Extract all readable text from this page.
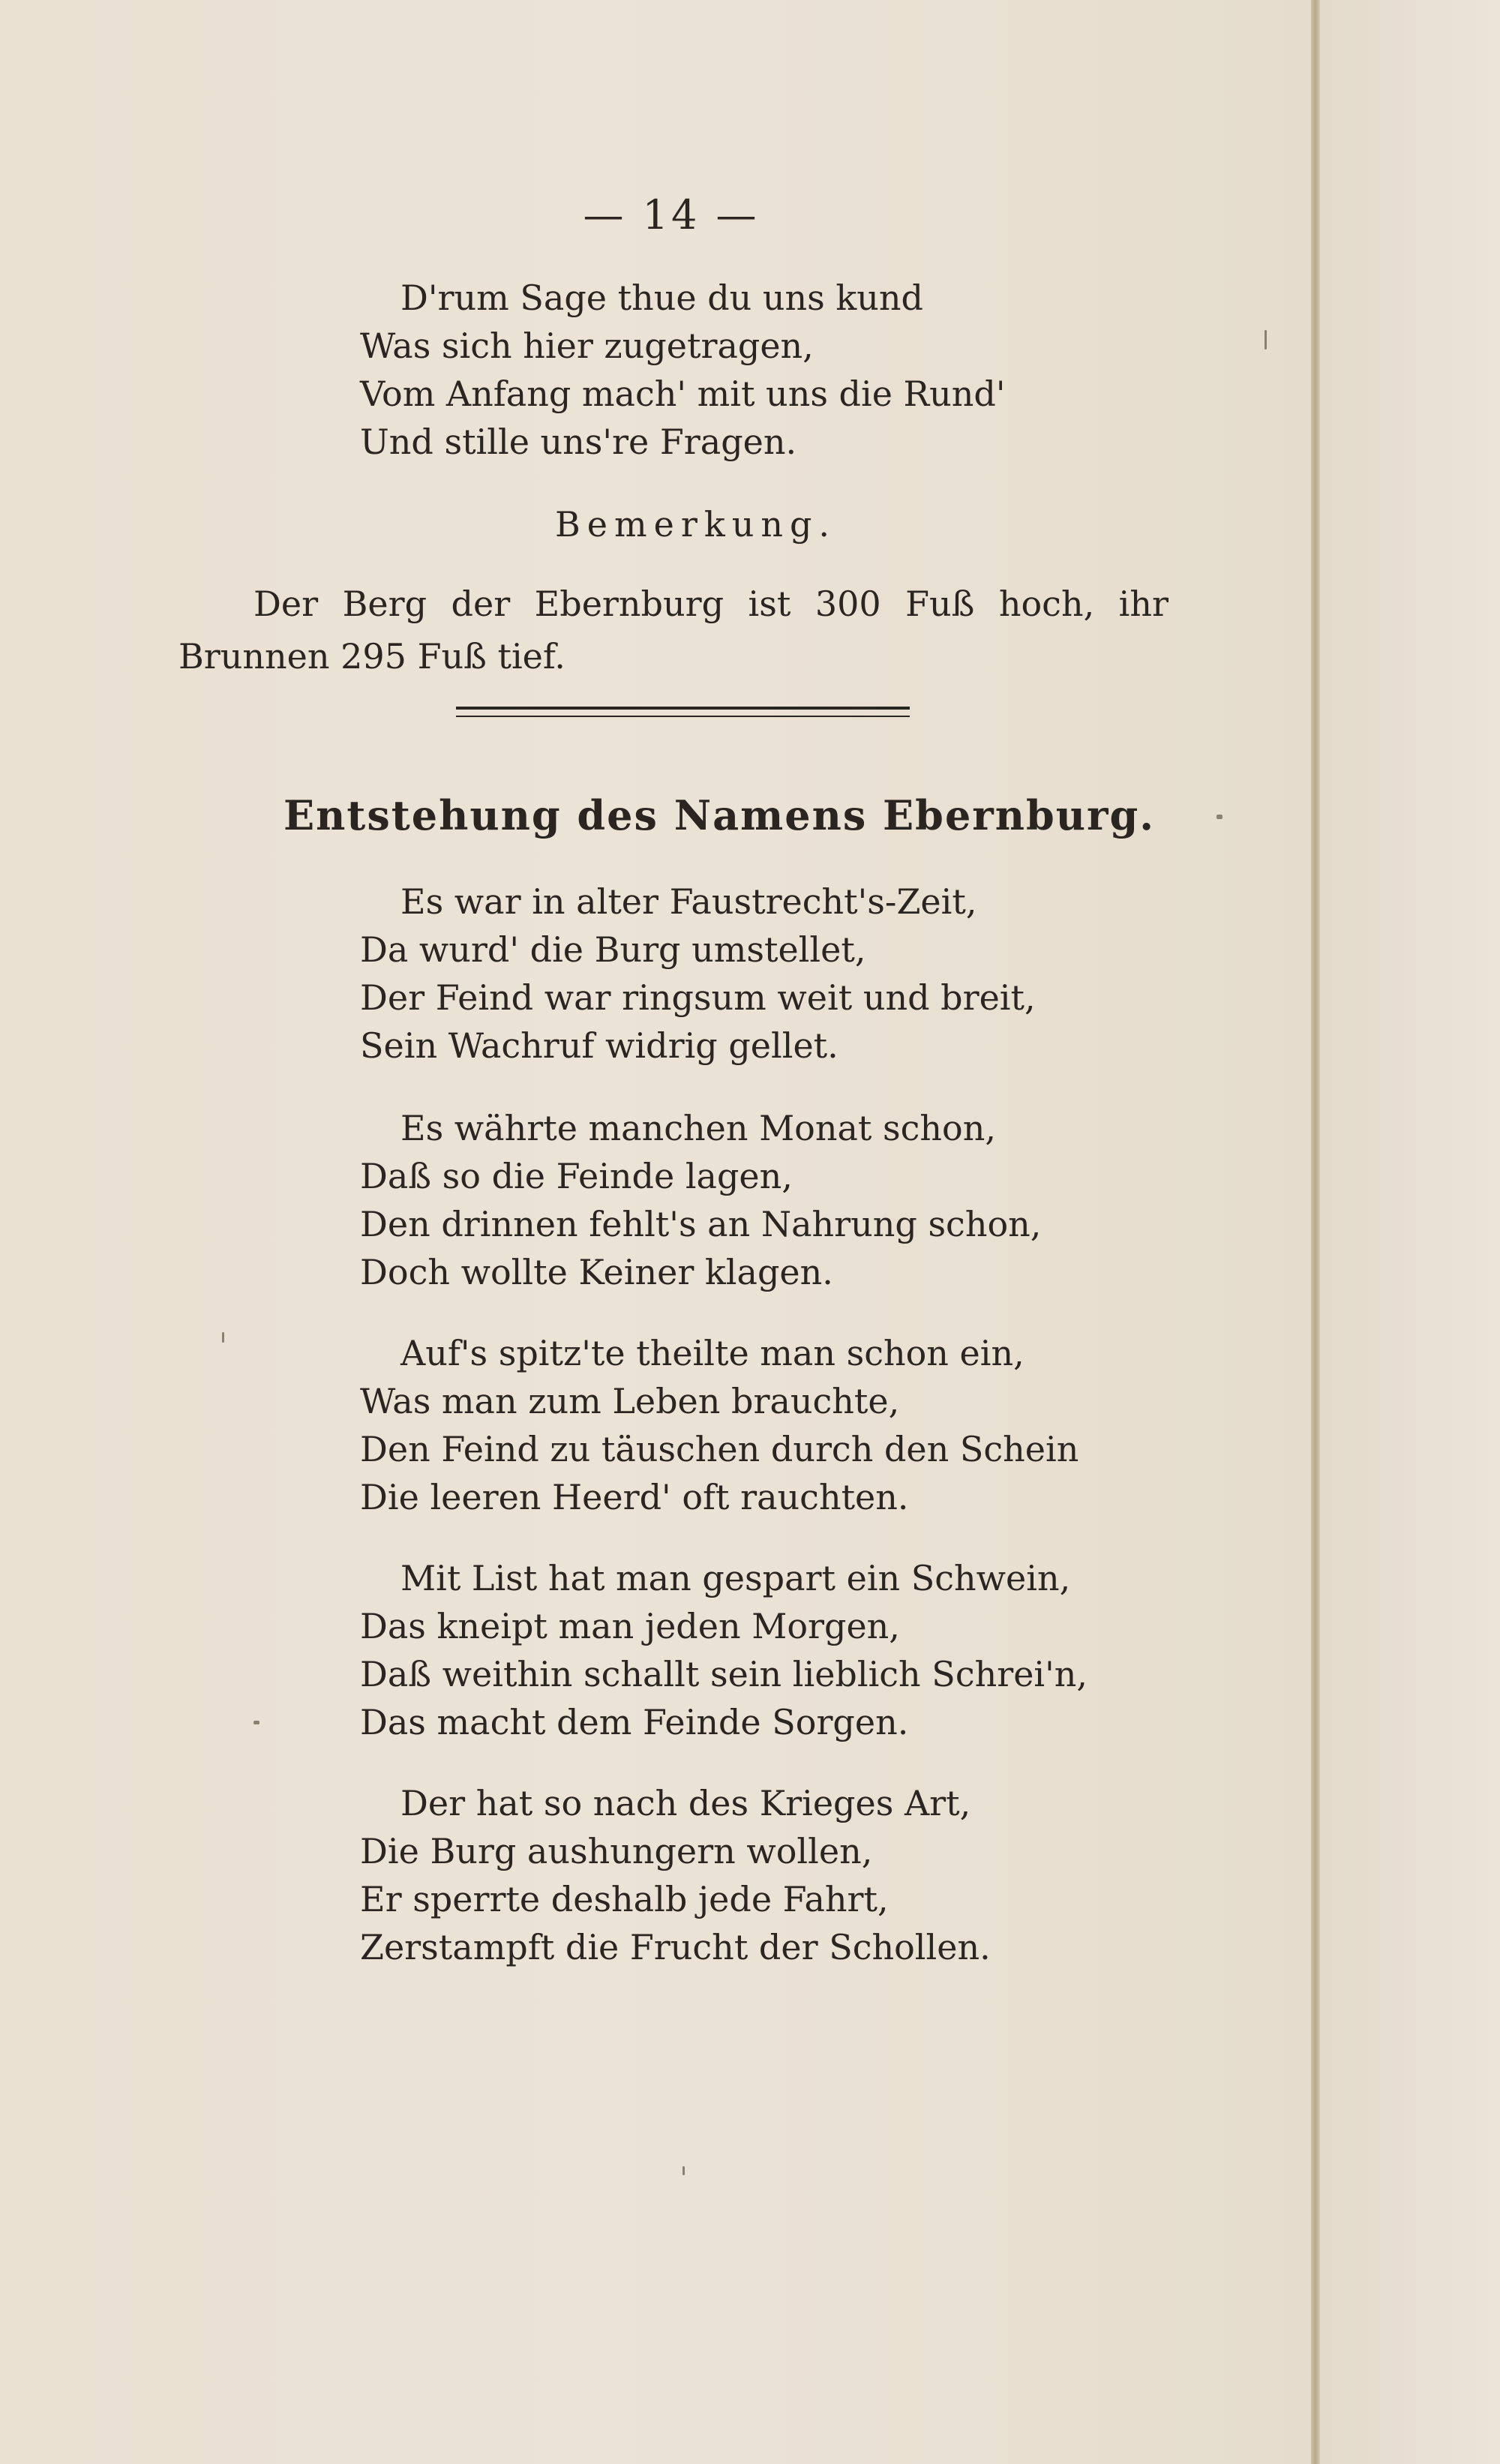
— 14 —
D'rum Sage thue du uns kund
Was sich hier zugetragen,
Vom Anfang mach' mit uns die Rund'
Und stille uns're Fragen.
Bemerkung.
Der Berg der Ebernburg ist 300 Fuß hoch, ihr Brunnen 295 Fuß tief.
Entstehung des Namens Ebernburg.
Es war in alter Faustrecht's-Zeit,
Da wurd' die Burg umstellet,
Der Feind war ringsum weit und breit,
Sein Wachruf widrig gellet.
Es währte manchen Monat schon,
Daß so die Feinde lagen,
Den drinnen fehlt's an Nahrung schon,
Doch wollte Keiner klagen.
Auf's spitz'te theilte man schon ein,
Was man zum Leben brauchte,
Den Feind zu täuschen durch den Schein
Die leeren Heerd' oft rauchten.
Mit List hat man gespart ein Schwein,
Das kneipt man jeden Morgen,
Daß weithin schallt sein lieblich Schrei'n,
Das macht dem Feinde Sorgen.
Der hat so nach des Krieges Art,
Die Burg aushungern wollen,
Er sperrte deshalb jede Fahrt,
Zerstampft die Frucht der Schollen.
